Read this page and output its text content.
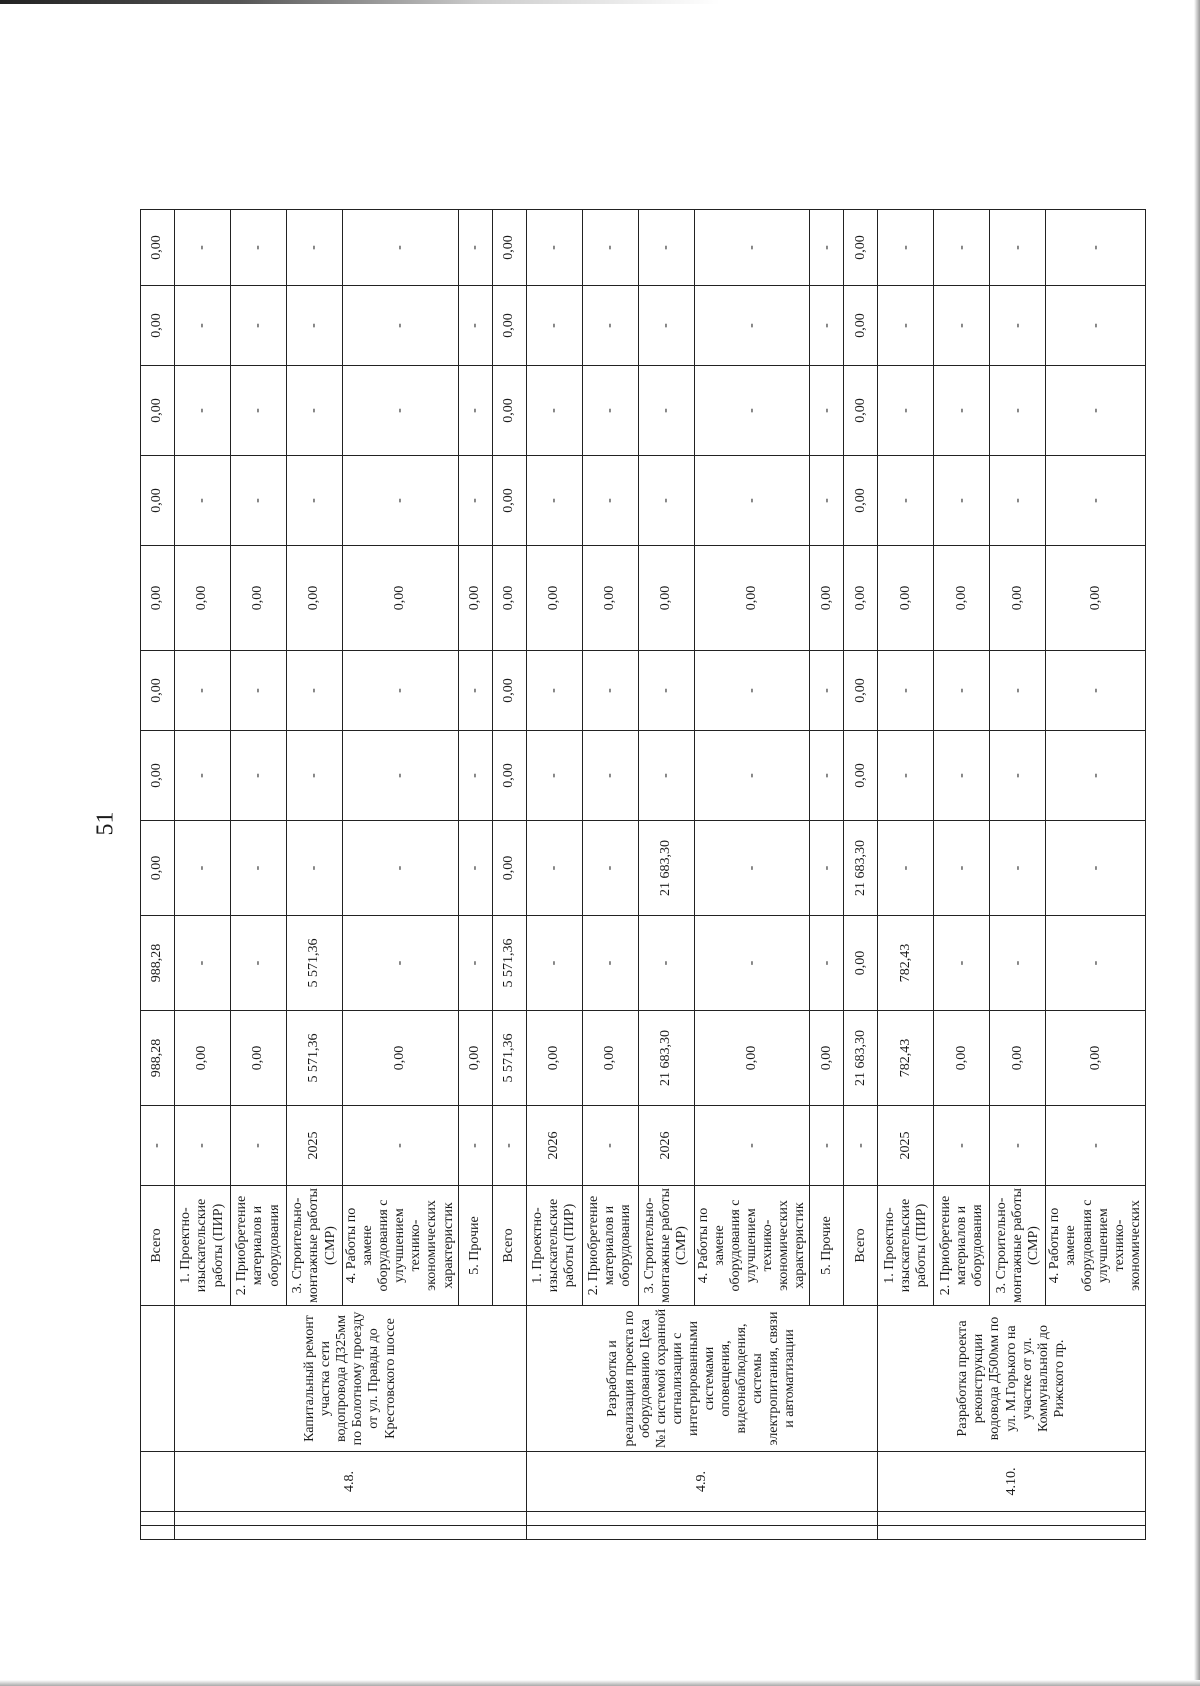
51
				Всего	-	988,28	988,28	0,00	0,00	0,00	0,00	0,00	0,00	0,00	0,00
		4.8.	Капитальный ремонт участка сети водопровода Д325мм по Болотному проезду от ул. Правды до Крестовского шоссе	1. Проектно-изыскательские работы (ПИР)	-	0,00	-	-	-	-	0,00	-	-	-	-
				2. Приобретение материалов и оборудования	-	0,00	-	-	-	-	0,00	-	-	-	-
				3. Строительно-монтажные работы (СМР)	2025	5 571,36	5 571,36	-	-	-	0,00	-	-	-	-
				4. Работы по замене оборудования с улучшением технико-экономических характеристик	-	0,00	-	-	-	-	0,00	-	-	-	-
				5. Прочие	-	0,00	-	-	-	-	0,00	-	-	-	-
				Всего	-	5 571,36	5 571,36	0,00	0,00	0,00	0,00	0,00	0,00	0,00	0,00
		4.9.	Разработка и реализация проекта по оборудованию Цеха №1 системой охранной сигнализации с интегрированными системами оповещения, видеонаблюдения, системы электропитания, связи и автоматизации	1. Проектно-изыскательские работы (ПИР)	2026	0,00	-	-	-	-	0,00	-	-	-	-
				2. Приобретение материалов и оборудования	-	0,00	-	-	-	-	0,00	-	-	-	-
				3. Строительно-монтажные работы (СМР)	2026	21 683,30	-	21 683,30	-	-	0,00	-	-	-	-
				4. Работы по замене оборудования с улучшением технико-экономических характеристик	-	0,00	-	-	-	-	0,00	-	-	-	-
				5. Прочие	-	0,00	-	-	-	-	0,00	-	-	-	-
				Всего	-	21 683,30	0,00	21 683,30	0,00	0,00	0,00	0,00	0,00	0,00	0,00
		4.10.	Разработка проекта реконструкции водовода Д500мм по ул. М.Горького на участке от ул. Коммунальной до Рижского пр.	1. Проектно-изыскательские работы (ПИР)	2025	782,43	782,43	-	-	-	0,00	-	-	-	-
				2. Приобретение материалов и оборудования	-	0,00	-	-	-	-	0,00	-	-	-	-
				3. Строительно-монтажные работы (СМР)	-	0,00	-	-	-	-	0,00	-	-	-	-
				4. Работы по замене оборудования с улучшением технико-экономических	-	0,00	-	-	-	-	0,00	-	-	-	-
